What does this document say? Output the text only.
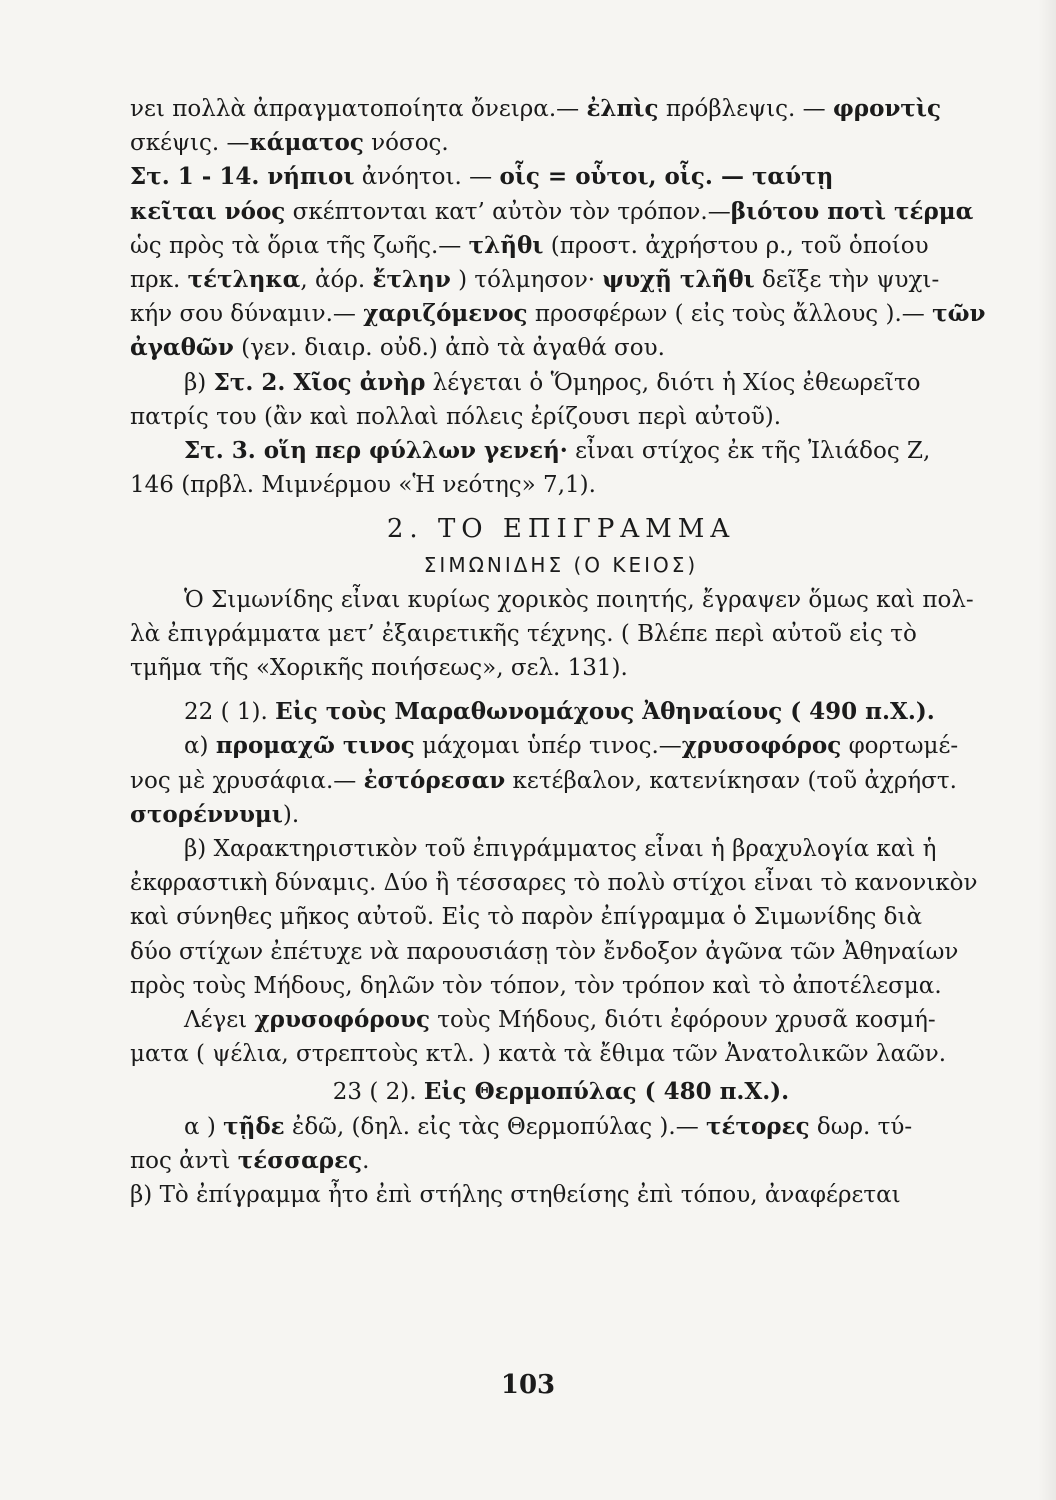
νει πολλὰ ἀπραγματοποίητα ὄνειρα.— ἐλπὶς πρόβλεψις. — φροντὶς
σκέψις. —κάματος νόσος.
Στ. 1 - 14. νήπιοι ἀνόητοι. — οἷς = οὗτοι, οἷς. — ταύτῃ
κεῖται νόος σκέπτονται κατ’ αὐτὸν τὸν τρόπον.—βιότου ποτὶ τέρμα
ὡς πρὸς τὰ ὅρια τῆς ζωῆς.— τλῆθι (προστ. ἀχρήστου ρ., τοῦ ὁποίου
πρκ. τέτληκα, ἀόρ. ἔτλην ) τόλμησον· ψυχῇ τλῆθι δεῖξε τὴν ψυχι-
κήν σου δύναμιν.— χαριζόμενος προσφέρων ( εἰς τοὺς ἄλλους ).— τῶν
ἀγαθῶν (γεν. διαιρ. οὐδ.) ἀπὸ τὰ ἀγαθά σου.
β) Στ. 2. Χῖος ἀνὴρ λέγεται ὁ Ὅμηρος, διότι ἡ Χίος ἐθεωρεῖτο
πατρίς του (ἂν καὶ πολλαὶ πόλεις ἐρίζουσι περὶ αὐτοῦ).
Στ. 3. οἵη περ φύλλων γενεή· εἶναι στίχος ἐκ τῆς Ἰλιάδος Ζ,
146 (πρβλ. Μιμνέρμου «Ἡ νεότης» 7,1).
2. ΤΟ ΕΠΙΓΡΑΜΜΑ
ΣΙΜΩΝΙΔΗΣ (Ο ΚΕΙΟΣ)
Ὁ Σιμωνίδης εἶναι κυρίως χορικὸς ποιητής, ἔγραψεν ὅμως καὶ πολ-
λὰ ἐπιγράμματα μετ’ ἐξαιρετικῆς τέχνης. ( Βλέπε περὶ αὐτοῦ εἰς τὸ
τμῆμα τῆς «Χορικῆς ποιήσεως», σελ. 131).
22 ( 1). Εἰς τοὺς Μαραθωνομάχους Ἀθηναίους ( 490 π.Χ.).
α) προμαχῶ τινος μάχομαι ὑπέρ τινος.—χρυσοφόρος φορτωμέ-
νος μὲ χρυσάφια.— ἐστόρεσαν κετέβαλον, κατενίκησαν (τοῦ ἀχρήστ.
στορέννυμι).
β) Χαρακτηριστικὸν τοῦ ἐπιγράμματος εἶναι ἡ βραχυλογία καὶ ἡ
ἐκφραστικὴ δύναμις. Δύο ἢ τέσσαρες τὸ πολὺ στίχοι εἶναι τὸ κανονικὸν
καὶ σύνηθες μῆκος αὐτοῦ. Εἰς τὸ παρὸν ἐπίγραμμα ὁ Σιμωνίδης διὰ
δύο στίχων ἐπέτυχε νὰ παρουσιάσῃ τὸν ἔνδοξον ἀγῶνα τῶν Ἀθηναίων
πρὸς τοὺς Μήδους, δηλῶν τὸν τόπον, τὸν τρόπον καὶ τὸ ἀποτέλεσμα.
Λέγει χρυσοφόρους τοὺς Μήδους, διότι ἐφόρουν χρυσᾶ κοσμή-
ματα ( ψέλια, στρεπτοὺς κτλ. ) κατὰ τὰ ἔθιμα τῶν Ἀνατολικῶν λαῶν.
23 ( 2). Εἰς Θερμοπύλας ( 480 π.Χ.).
α ) τῇδε ἐδῶ, (δηλ. εἰς τὰς Θερμοπύλας ).— τέτορες δωρ. τύ-
πος ἀντὶ τέσσαρες.
β) Τὸ ἐπίγραμμα ἦτο ἐπὶ στήλης στηθείσης ἐπὶ τόπου, ἀναφέρεται
103
